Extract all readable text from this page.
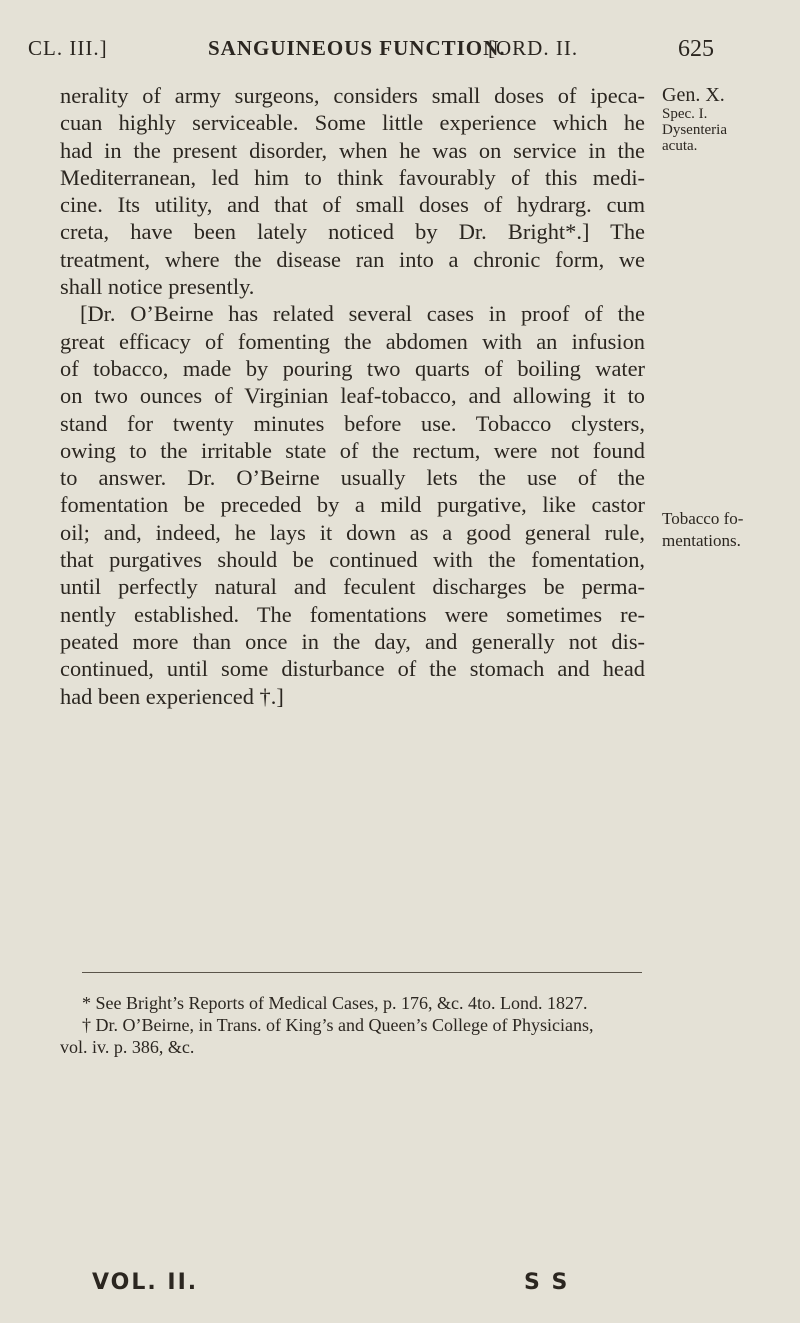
CL. III.]	SANGUINEOUS FUNCTION.
[ORD. II.	625
nerality of army surgeons, considers small doses of ipeca-
cuan highly serviceable. Some little experience which he
had in the present disorder, when he was on service in the
Mediterranean, led him to think favourably of this medi-
cine. Its utility, and that of small doses of hydrarg. cum
creta, have been lately noticed by Dr. Bright*.] The
treatment, where the disease ran into a chronic form, we
shall notice presently.
[Dr. O’Beirne has related several cases in proof of the
great efficacy of fomenting the abdomen with an infusion
of tobacco, made by pouring two quarts of boiling water
on two ounces of Virginian leaf-tobacco, and allowing it to
stand for twenty minutes before use. Tobacco clysters,
owing to the irritable state of the rectum, were not found
to answer. Dr. O’Beirne usually lets the use of the
fomentation be preceded by a mild purgative, like castor
oil; and, indeed, he lays it down as a good general rule,
that purgatives should be continued with the fomentation,
until perfectly natural and feculent discharges be perma-
nently established. The fomentations were sometimes re-
peated more than once in the day, and generally not dis-
continued, until some disturbance of the stomach and head
had been experienced †.]
Gen. X.
Spec. I.
Dysenteria
acuta.
Tobacco fo-
mentations.
* See Bright’s Reports of Medical Cases, p. 176, &c. 4to. Lond. 1827.
† Dr. O’Beirne, in Trans. of King’s and Queen’s College of Physicians,
vol. iv. p. 386, &c.
VOL. II.	S S
